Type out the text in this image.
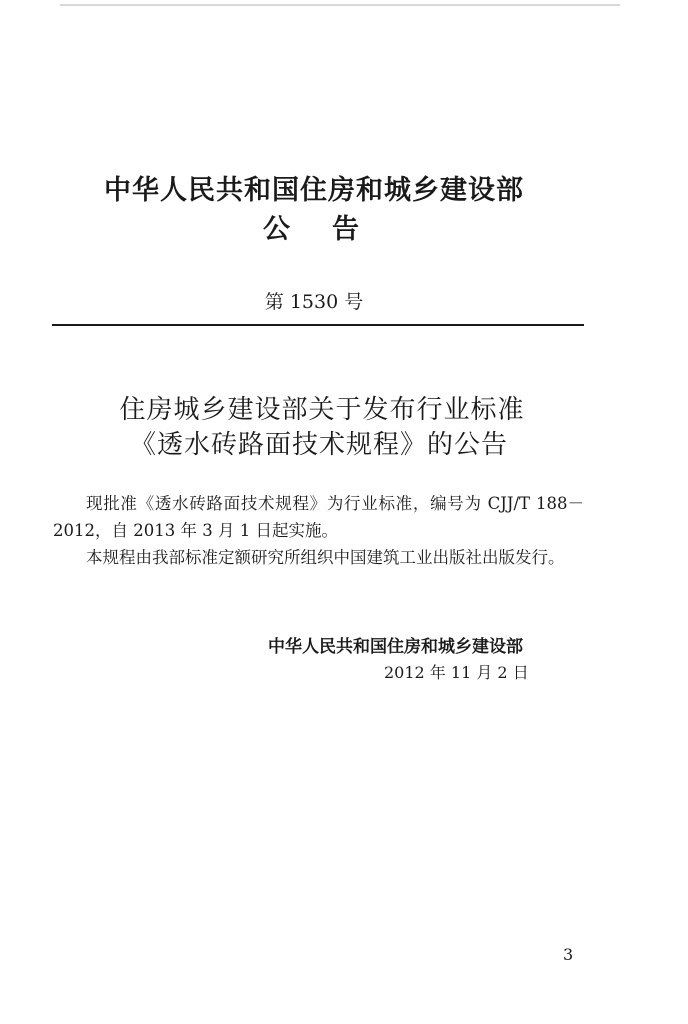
中华人民共和国住房和城乡建设部
公告
第 1530 号
住房城乡建设部关于发布行业标准
《透水砖路面技术规程》的公告

现批准《透水砖路面技术规程》为行业标准，编号为 CJJ/T 188－2012，自 2013 年 3 月 1 日起实施。

本规程由我部标准定额研究所组织中国建筑工业出版社出版发行。

中华人民共和国住房和城乡建设部
2012 年 11 月 2 日
3
